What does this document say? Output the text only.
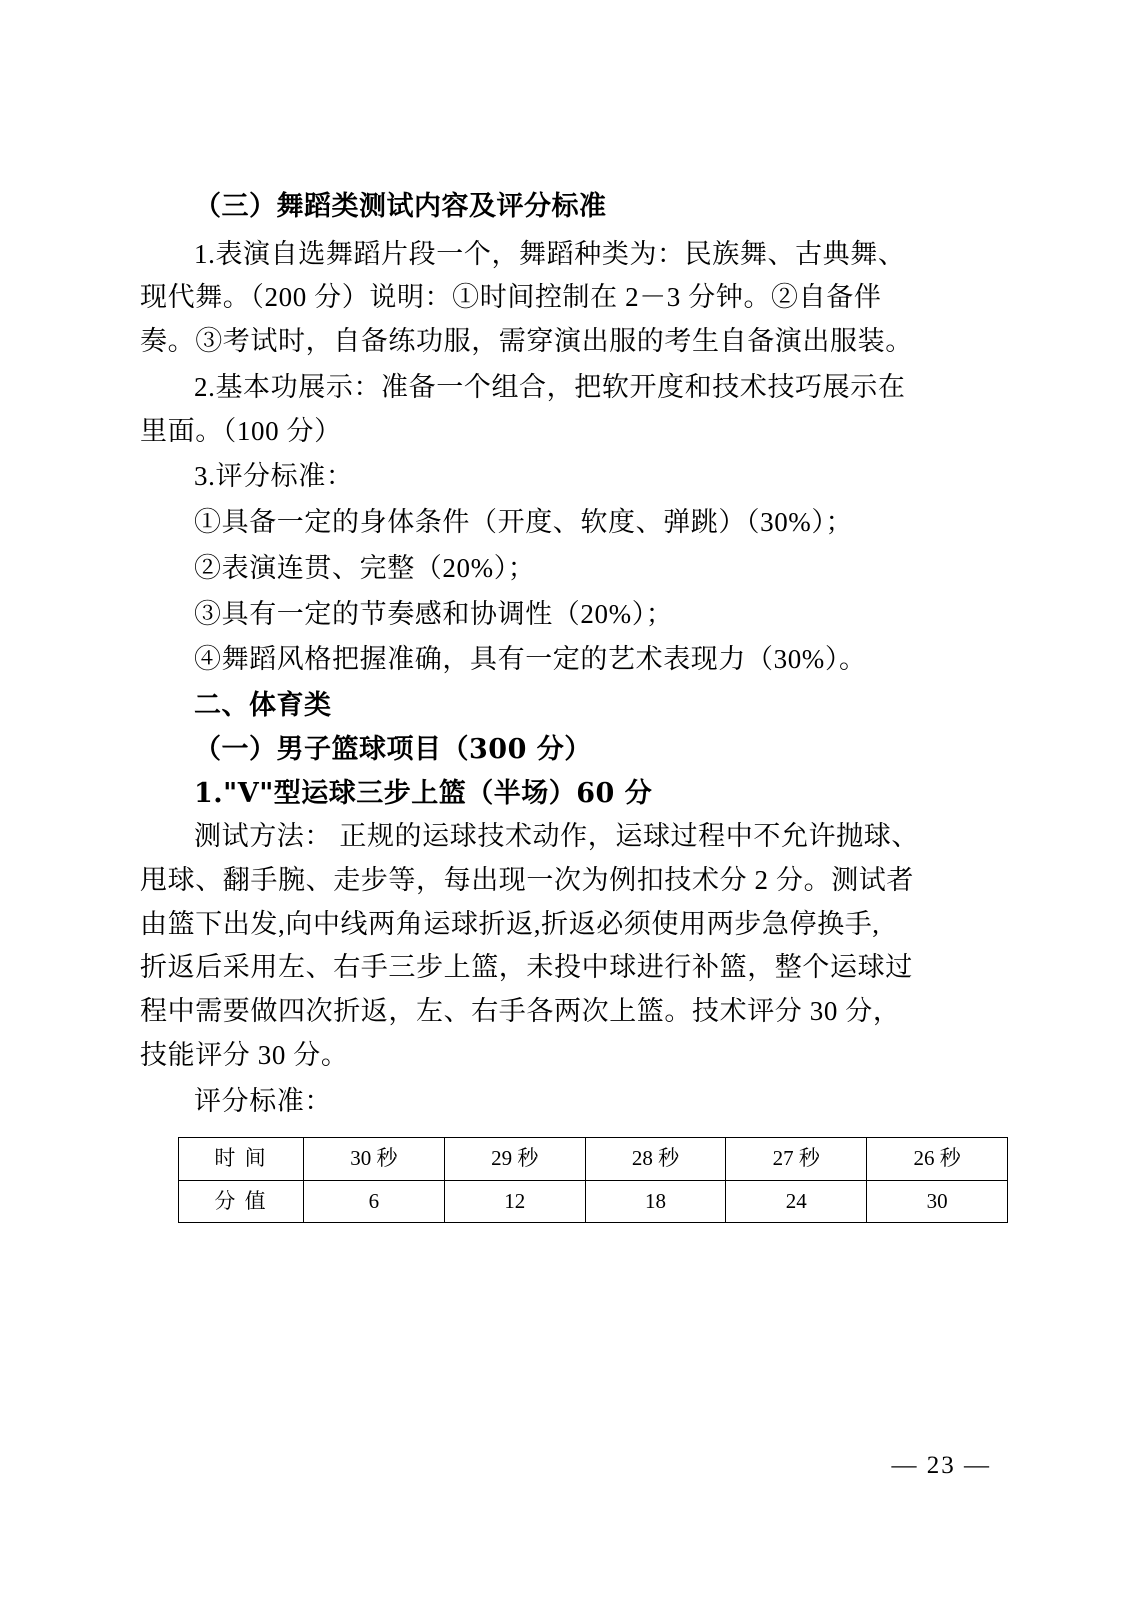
（三）舞蹈类测试内容及评分标准

1.表演自选舞蹈片段一个，舞蹈种类为：民族舞、古典舞、

现代舞。（200 分）说明：①时间控制在 2－3 分钟。②自备伴

奏。③考试时，自备练功服，需穿演出服的考生自备演出服装。

2.基本功展示：准备一个组合，把软开度和技术技巧展示在

里面。（100 分）

3.评分标准：

①具备一定的身体条件（开度、软度、弹跳）（30%）；

②表演连贯、完整（20%）；

③具有一定的节奏感和协调性（20%）；

④舞蹈风格把握准确，具有一定的艺术表现力（30%）。

二、体育类
（一）男子篮球项目（300 分）
1."V"型运球三步上篮（半场）60 分

测试方法： 正规的运球技术动作，运球过程中不允许抛球、

甩球、翻手腕、走步等，每出现一次为例扣技术分 2 分。测试者

由篮下出发,向中线两角运球折返,折返必须使用两步急停换手,

折返后采用左、右手三步上篮，未投中球进行补篮，整个运球过

程中需要做四次折返，左、右手各两次上篮。技术评分 30 分，

技能评分 30 分。

评分标准：

时 间	30 秒	29 秒	28 秒	27 秒	26 秒
分 值	6	12	18	24	30
— 23 —
